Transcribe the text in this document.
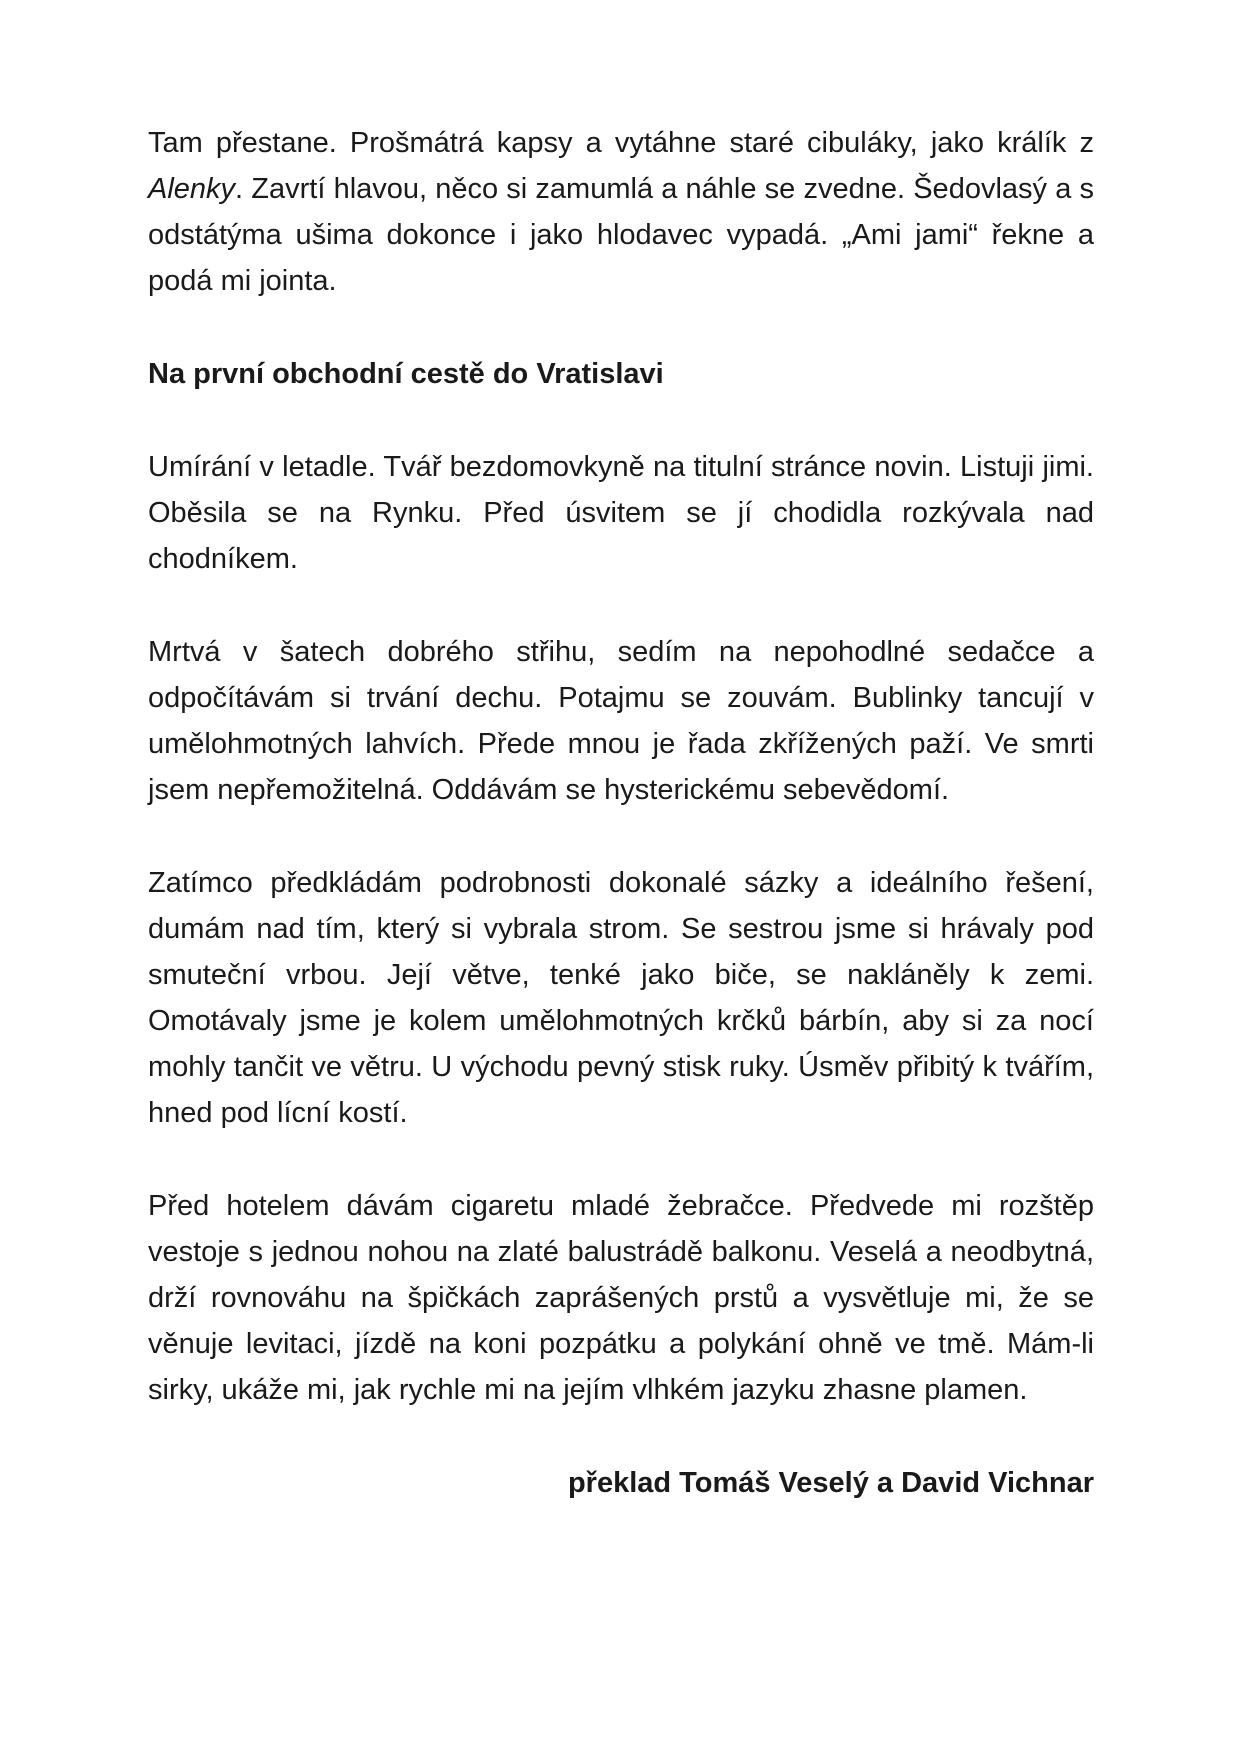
Tam přestane. Prošmátrá kapsy a vytáhne staré cibuláky, jako králík z Alenky. Zavrtí hlavou, něco si zamumlá a náhle se zvedne. Šedovlasý a s odstátýma ušima dokonce i jako hlodavec vypadá. „Ami jami“ řekne a podá mi jointa.

Na první obchodní cestě do Vratislavi

Umírání v letadle. Tvář bezdomovkyně na titulní stránce novin. Listuji jimi. Oběsila se na Rynku. Před úsvitem se jí chodidla rozkývala nad chodníkem.

Mrtvá v šatech dobrého střihu, sedím na nepohodlné sedačce a odpočítávám si trvání dechu. Potajmu se zouvám. Bublinky tancují v umělohmotných lahvích. Přede mnou je řada zkřížených paží. Ve smrti jsem nepřemožitelná. Oddávám se hysterickému sebevědomí.

Zatímco předkládám podrobnosti dokonalé sázky a ideálního řešení, dumám nad tím, který si vybrala strom. Se sestrou jsme si hrávaly pod smuteční vrbou. Její větve, tenké jako biče, se nakláněly k zemi. Omotávaly jsme je kolem umělohmotných krčků bárbín, aby si za nocí mohly tančit ve větru. U východu pevný stisk ruky. Úsměv přibitý k tvářím, hned pod lícní kostí.

Před hotelem dávám cigaretu mladé žebračce. Předvede mi rozštěp vestoje s jednou nohou na zlaté balustrádě balkonu. Veselá a neodbytná, drží rovnováhu na špičkách zaprášených prstů a vysvětluje mi, že se věnuje levitaci, jízdě na koni pozpátku a polykání ohně ve tmě. Mám-li sirky, ukáže mi, jak rychle mi na jejím vlhkém jazyku zhasne plamen.

překlad Tomáš Veselý a David Vichnar
